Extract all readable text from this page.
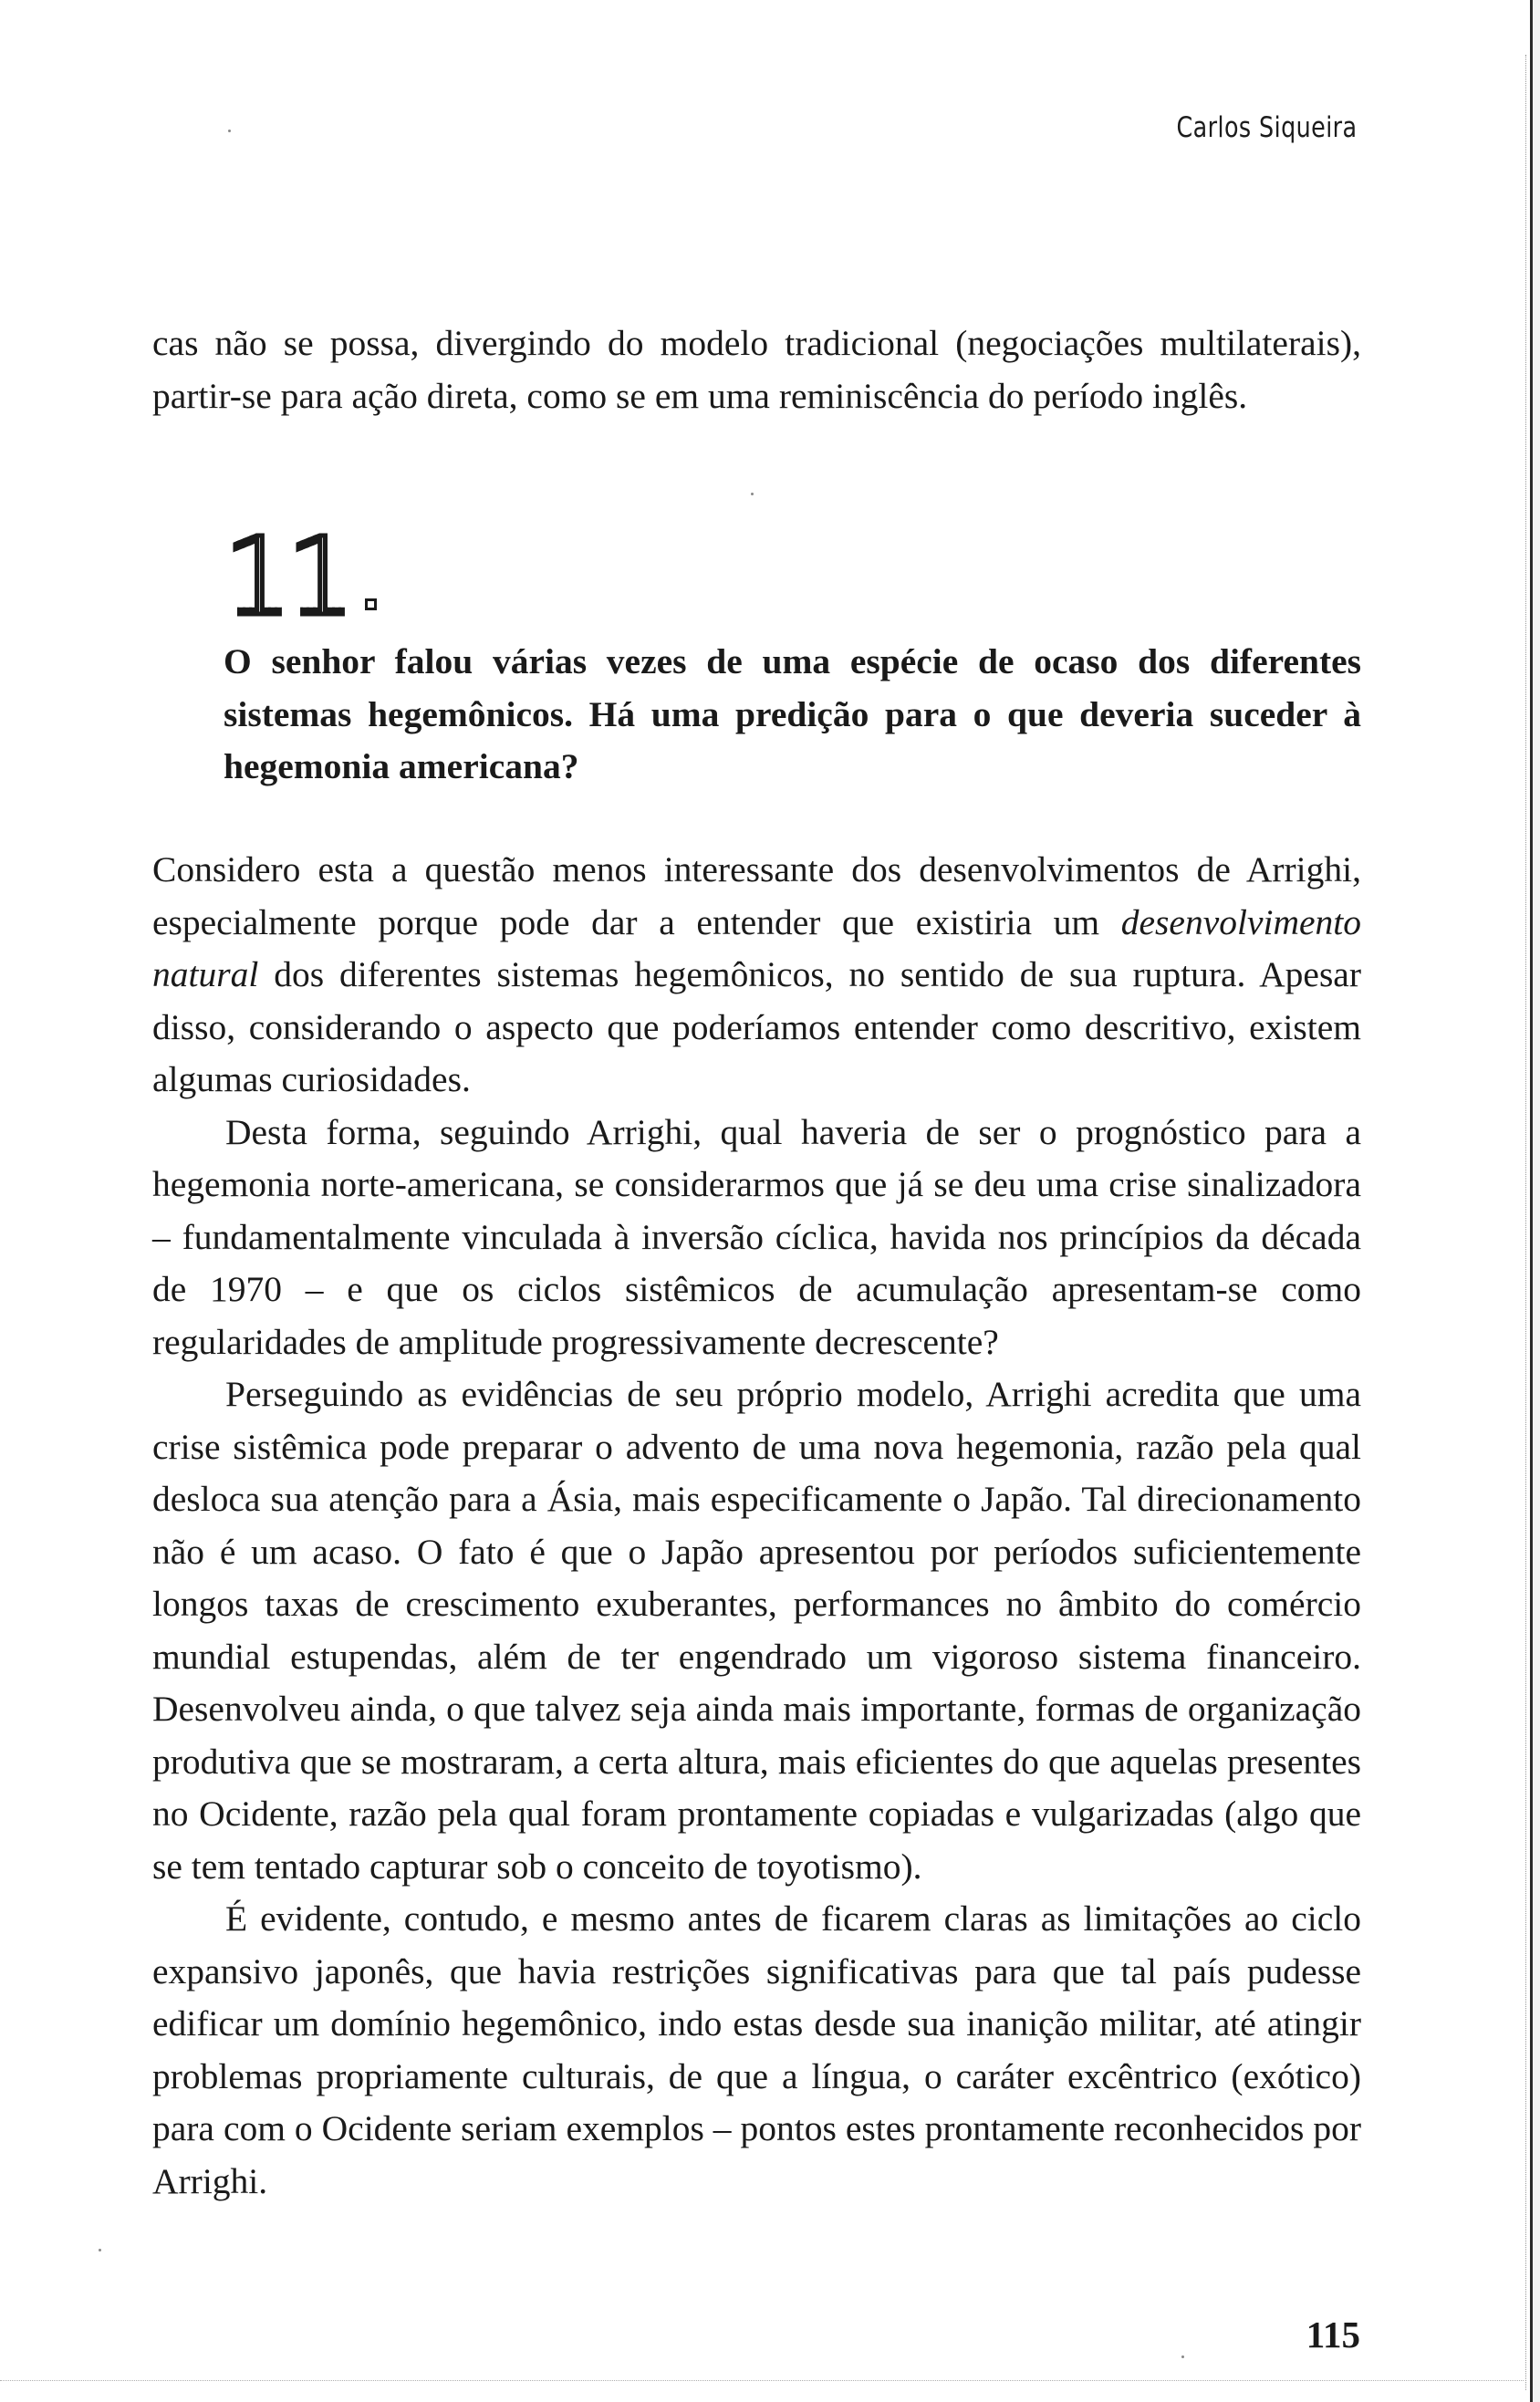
Carlos Siqueira

cas não se possa, divergindo do modelo tradicional (negociações multilaterais), partir-se para ação direta, como se em uma reminiscência do período inglês.

11

O senhor falou várias vezes de uma espécie de ocaso dos diferentes sistemas hegemônicos. Há uma predição para o que deveria suceder à hegemonia americana?

Considero esta a questão menos interessante dos desenvolvimentos de Arrighi, especialmente porque pode dar a entender que existiria um desenvolvimento natural dos diferentes sistemas hegemônicos, no sentido de sua ruptura. Apesar disso, considerando o aspecto que poderíamos entender como descritivo, existem algumas curiosidades.

Desta forma, seguindo Arrighi, qual haveria de ser o prognóstico para a hegemonia norte-americana, se considerarmos que já se deu uma crise sinalizadora – fundamentalmente vinculada à inversão cíclica, havida nos princípios da década de 1970 – e que os ciclos sistêmicos de acumulação apresentam-se como regularidades de amplitude progressivamente decrescente?

Perseguindo as evidências de seu próprio modelo, Arrighi acredita que uma crise sistêmica pode preparar o advento de uma nova hegemonia, razão pela qual desloca sua atenção para a Ásia, mais especificamente o Japão. Tal direcionamento não é um acaso. O fato é que o Japão apresentou por períodos suficientemente longos taxas de crescimento exuberantes, performances no âmbito do comércio mundial estupendas, além de ter engendrado um vigoroso sistema financeiro. Desenvolveu ainda, o que talvez seja ainda mais importante, formas de organização produtiva que se mostraram, a certa altura, mais eficientes do que aquelas presentes no Ocidente, razão pela qual foram prontamente copiadas e vulgarizadas (algo que se tem tentado capturar sob o conceito de toyotismo).

É evidente, contudo, e mesmo antes de ficarem claras as limitações ao ciclo expansivo japonês, que havia restrições significativas para que tal país pudesse edificar um domínio hegemônico, indo estas desde sua inanição militar, até atingir problemas propriamente culturais, de que a língua, o caráter excêntrico (exótico) para com o Ocidente seriam exemplos – pontos estes prontamente reconhecidos por Arrighi.

115
